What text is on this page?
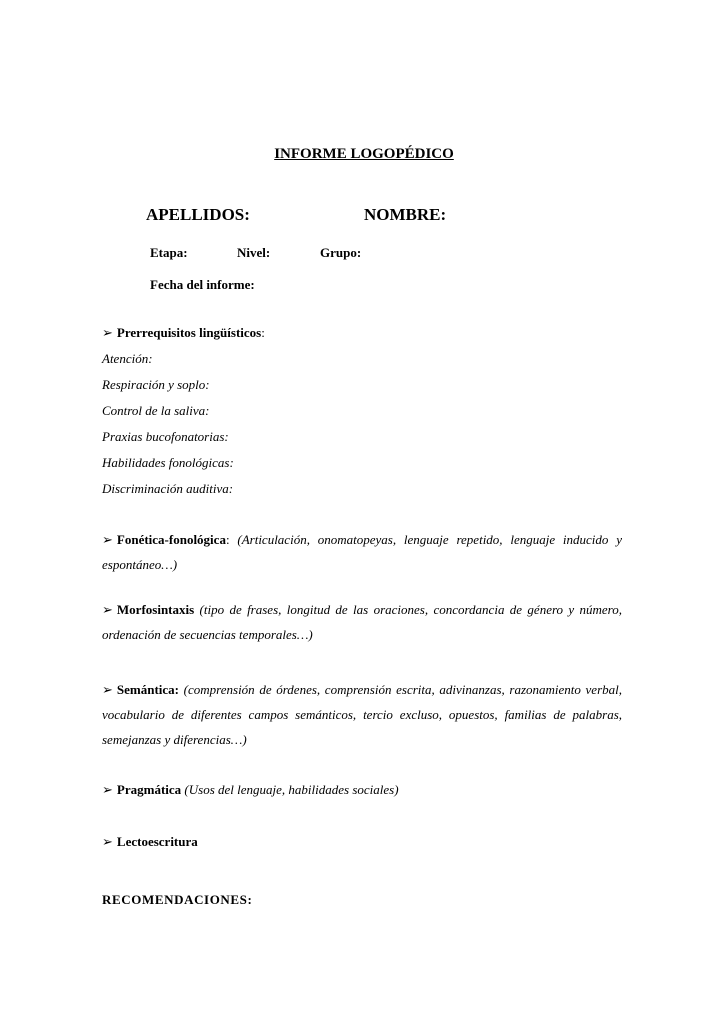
INFORME LOGOPÉDICO
APELLIDOS:	NOMBRE:
Etapa:	Nivel:	Grupo:
Fecha del informe:
➢ Prerrequisitos lingüísticos:
Atención:
Respiración y soplo:
Control de la saliva:
Praxias bucofonatorias:
Habilidades fonológicas:
Discriminación auditiva:
➢ Fonética-fonológica: (Articulación, onomatopeyas, lenguaje repetido, lenguaje inducido y espontáneo…)
➢ Morfosintaxis (tipo de frases, longitud de las oraciones, concordancia de género y número, ordenación de secuencias temporales…)
➢ Semántica: (comprensión de órdenes, comprensión escrita, adivinanzas, razonamiento verbal, vocabulario de diferentes campos semánticos, tercio excluso, opuestos, familias de palabras, semejanzas y diferencias…)
➢ Pragmática (Usos del lenguaje, habilidades sociales)
➢ Lectoescritura
RECOMENDACIONES:
